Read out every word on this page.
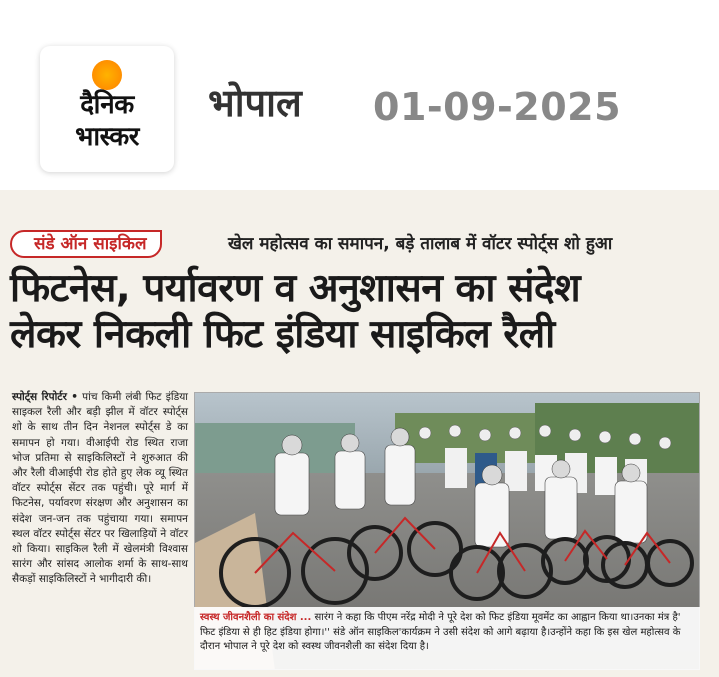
दैनिक
भास्कर
भोपाल 01-09-2025
संडे ऑन साइकिल	खेल महोत्सव का समापन, बड़े तालाब में वॉटर स्पोर्ट्स शो हुआ
फिटनेस, पर्यावरण व अनुशासन का संदेश
लेकर निकली फिट इंडिया साइकिल रैली
स्पोर्ट्स रिपोर्टर • पांच किमी लंबी फिट इंडिया साइकल रैली और बड़ी झील में वॉटर स्पोर्ट्स शो के साथ तीन दिन नेशनल स्पोर्ट्स डे का समापन हो गया। वीआईपी रोड स्थित राजा भोज प्रतिमा से साइकिलिस्टों ने शुरुआत की और रैली वीआईपी रोड होते हुए लेक व्यू स्थित वॉटर स्पोर्ट्स सेंटर तक पहुंची। पूरे मार्ग में फिटनेस, पर्यावरण संरक्षण और अनुशासन का संदेश जन-जन तक पहुंचाया गया। समापन स्थल वॉटर स्पोर्ट्स सेंटर पर खिलाड़ियों ने वॉटर शो किया। साइकिल रैली में खेलमंत्री विश्वास सारंग और सांसद आलोक शर्मा के साथ-साथ सैकड़ों साइकिलिस्टों ने भागीदारी की।
स्वस्थ जीवनशैली का संदेश ... सारंग ने कहा कि पीएम नरेंद्र मोदी ने पूरे देश को फिट इंडिया मूवमेंट का आह्वान किया था।उनका मंत्र है' फिट इंडिया से ही हिट इंडिया होगा।'' संडे ऑन साइकिल'कार्यक्रम ने उसी संदेश को आगे बढ़ाया है।उन्होंने कहा कि इस खेल महोत्सव के दौरान भोपाल ने पूरे देश को स्वस्थ जीवनशैली का संदेश दिया है।
